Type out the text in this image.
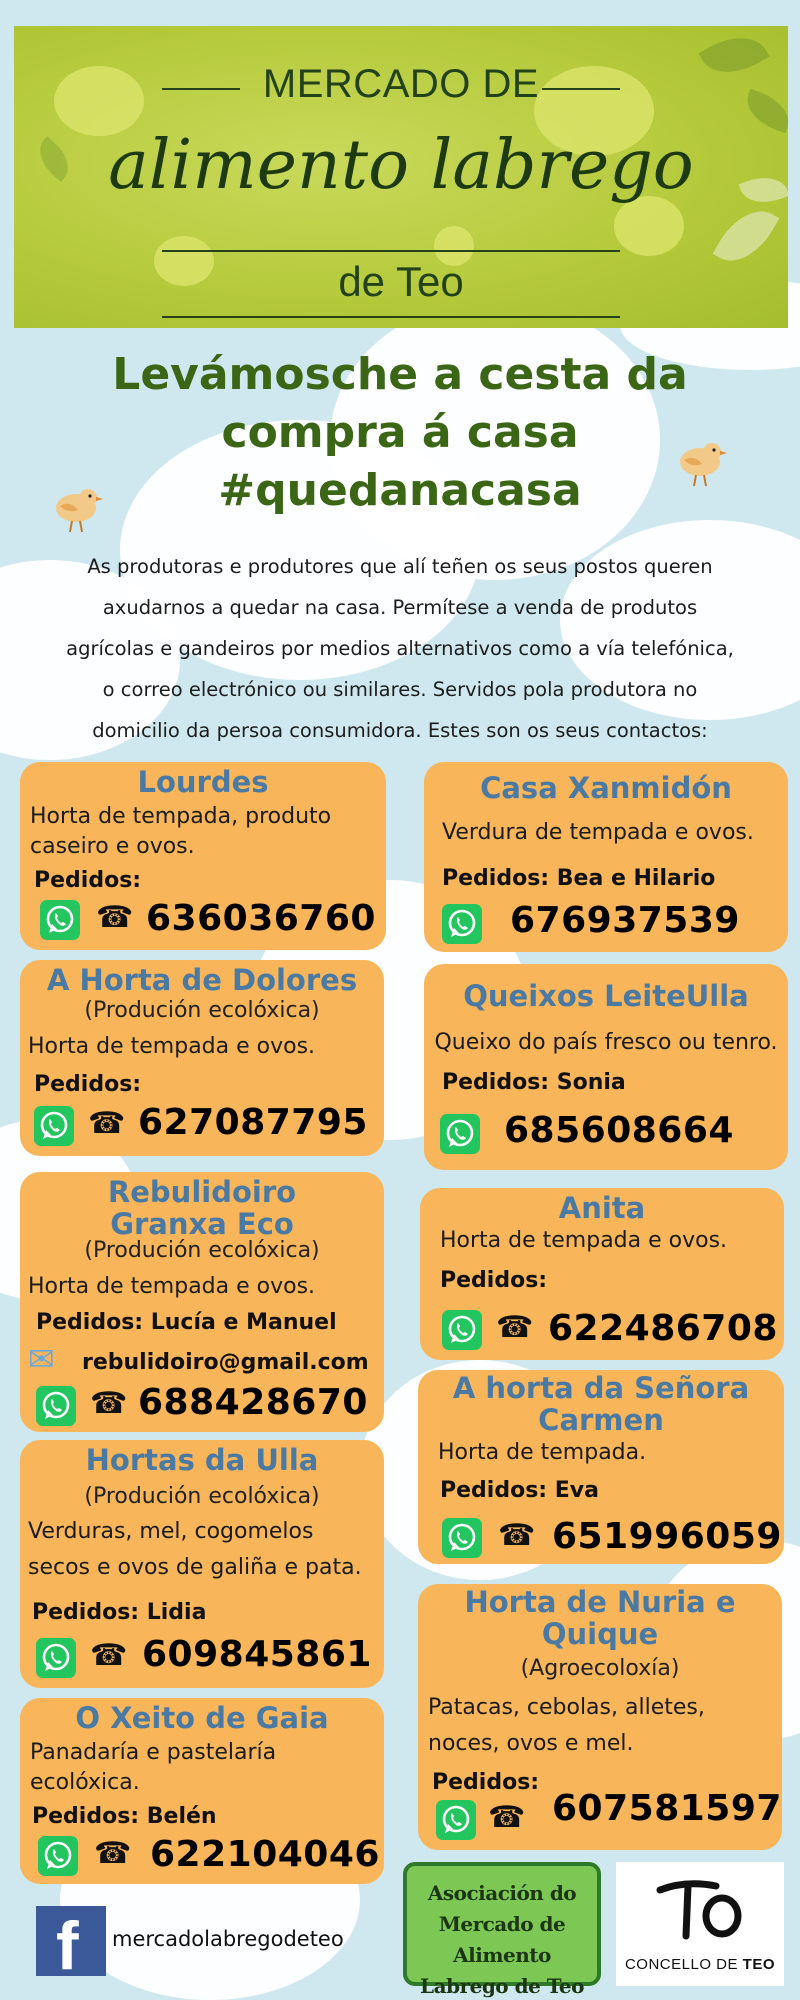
MERCADO DE
alimento labrego
de Teo
Levámosche a cesta da
compra á casa
#quedanacasa
As produtoras e produtores que alí teñen os seus postos queren
axudarnos a quedar na casa. Permítese a venda de produtos
agrícolas e gandeiros por medios alternativos como a vía telefónica,
o correo electrónico ou similares. Servidos pola produtora no
domicilio da persoa consumidora. Estes son os seus contactos:
Lourdes
Horta de tempada, produto
caseiro e ovos.
Pedidos:
☎ 636036760
A Horta de Dolores
(Produción ecolóxica)
Horta de tempada e ovos.
Pedidos:
☎ 627087795
Rebulidoiro
Granxa Eco
(Produción ecolóxica)
Horta de tempada e ovos.
Pedidos: Lucía e Manuel
✉ rebulidoiro@gmail.com
☎ 688428670
Hortas da Ulla
(Produción ecolóxica)
Verduras, mel, cogomelos
secos e ovos de galiña e pata.
Pedidos: Lidia
☎ 609845861
O Xeito de Gaia
Panadaría e pastelaría
ecolóxica.
Pedidos: Belén
☎ 622104046
Casa Xanmidón
Verdura de tempada e ovos.
Pedidos: Bea e Hilario
676937539
Queixos LeiteUlla
Queixo do país fresco ou tenro.
Pedidos: Sonia
685608664
Anita
Horta de tempada e ovos.
Pedidos:
☎ 622486708
A horta da Señora
Carmen
Horta de tempada.
Pedidos: Eva
☎ 651996059
Horta de Nuria e
Quique
(Agroecoloxía)
Patacas, cebolas, alletes,
noces, ovos e mel.
Pedidos:
☎ 607581597
f mercadolabregodeteo
Asociación do
Mercado de Alimento
Labrego de Teo
CONCELLO DE TEO
